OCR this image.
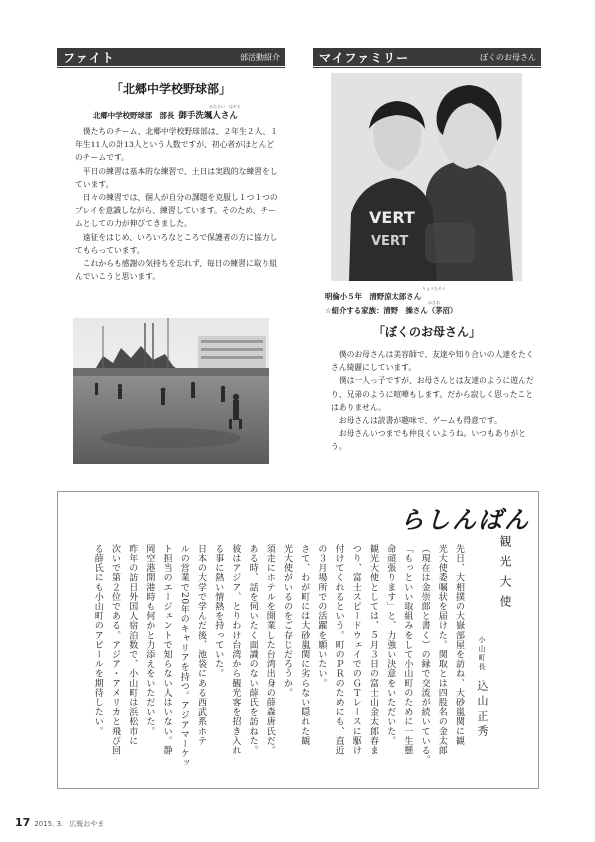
ファイト	部活動紹介
「北郷中学校野球部」
みたらい　はやと
北郷中学校野球部　部長 御手洗颯人さん

僕たちのチーム、北郷中学校野球部は、２年生２人、１年生11人の計13人という人数ですが、初心者がほとんどのチームです。

平日の練習は基本的な練習で、土日は実践的な練習をしています。

日々の練習では、個人が自分の課題を克服し１つ１つのプレイを意識しながら、練習しています。そのため、チームとしての力が伸びてきました。

遠征をはじめ、いろいろなところで保護者の方に協力してもらっています。

これからも感謝の気持ちを忘れず、毎日の練習に取り組んでいこうと思います。

マイファミリー	ぼくのお母さん
VERT
VERT
りょうたろう
明倫小５年　清野涼太郎さん
みさお
☆紹介する家族：清野　操さん（茅沼）
「ぼくのお母さん」

僕のお母さんは美容師で、友達や知り合いの人達をたくさん綺麗にしています。

僕は一人っ子ですが、お母さんとは友達のように遊んだり、兄弟のように喧嘩もします。だから寂しく思ったことはありません。

お母さんは読書が趣味で、ゲームも得意です。

お母さんいつまでも仲良くいようね。いつもありがとう。

らしんばん
観光大使
小山町長
込山正秀
先日、大相撲の大嶽部屋を訪ね、大砂嵐関に観
光大使委嘱状を届けた。関取とは四股名の金太郎
（現在は金崇郎と書く）の縁で交流が続いている。
「もっといい取組みをして小山町のために一生懸
命頑張ります」と、力強い決意をいただいた。
観光大使としては、５月３日の富士山金太郎春ま
つり、富士スピードウェイでのＧＴレースに駆け
付けてくれるという。町のＰＲのためにも、直近
の３月場所での活躍を願いたい。
さて、わが町には大砂嵐関に劣らない隠れた観
光大使がいるのをご存じだろうか。
須走にホテルを開業した台湾出身の薛森唐氏だ。
ある時、話を伺いたく面識のない薛氏を訪ねた。
彼はアジア、とりわけ台湾から観光客を招き入れ
る事に熱い情熱を持っていた。
日本の大学で学んだ後、池袋にある西武系ホテ
ルの営業で20年のキャリアを持つ。アジアマーケッ
ト担当のエージェントで知らない人はいない。静
岡空港開港時も何かと力添えをいただいた。
昨年の訪日外国人宿泊数で、小山町は浜松市に
次いで第２位である。アジア・アメリカと飛び回
る薛氏にも小山町のアピールを期待したい。
17 2015. 3. 広報おやま
